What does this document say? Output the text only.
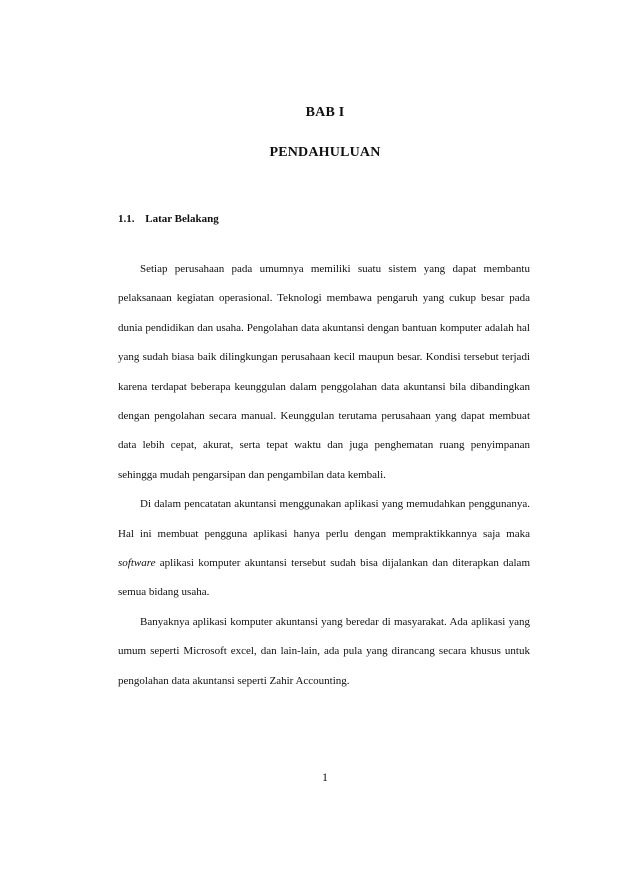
BAB I
PENDAHULUAN
1.1. Latar Belakang

Setiap perusahaan pada umumnya memiliki suatu sistem yang dapat membantu pelaksanaan kegiatan operasional. Teknologi membawa pengaruh yang cukup besar pada dunia pendidikan dan usaha. Pengolahan data akuntansi dengan bantuan komputer adalah hal yang sudah biasa baik dilingkungan perusahaan kecil maupun besar. Kondisi tersebut terjadi karena terdapat beberapa keunggulan dalam penggolahan data akuntansi bila dibandingkan dengan pengolahan secara manual. Keunggulan terutama perusahaan yang dapat membuat data lebih cepat, akurat, serta tepat waktu dan juga penghematan ruang penyimpanan sehingga mudah pengarsipan dan pengambilan data kembali.

Di dalam pencatatan akuntansi menggunakan aplikasi yang memudahkan penggunanya. Hal ini membuat pengguna aplikasi hanya perlu dengan mempraktikkannya saja maka software aplikasi komputer akuntansi tersebut sudah bisa dijalankan dan diterapkan dalam semua bidang usaha.

Banyaknya aplikasi komputer akuntansi yang beredar di masyarakat. Ada aplikasi yang umum seperti Microsoft excel, dan lain-lain, ada pula yang dirancang secara khusus untuk pengolahan data akuntansi seperti Zahir Accounting.

1
